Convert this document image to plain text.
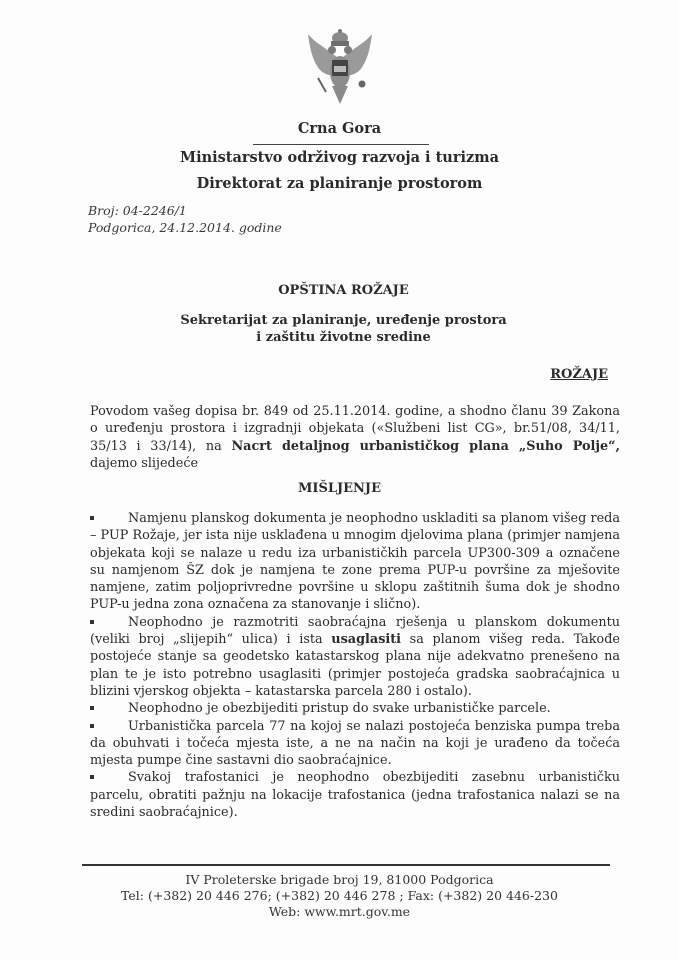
Crna Gora
Ministarstvo održivog razvoja i turizma
Direktorat za planiranje prostorom
Broj: 04-2246/1
Podgorica, 24.12.2014. godine
OPŠTINA ROŽAJE
Sekretarijat za planiranje, uređenje prostora
i zaštitu životne sredine
ROŽAJE
Povodom vašeg dopisa br. 849 od 25.11.2014. godine, a shodno članu 39 Zakona o uređenju prostora i izgradnji objekata («Službeni list CG», br.51/08, 34/11, 35/13 i 33/14), na Nacrt detaljnog urbanističkog plana „Suho Polje“, dajemo slijedeće
MIŠLJENJE
Namjenu planskog dokumenta je neophodno uskladiti sa planom višeg reda – PUP Rožaje, jer ista nije usklađena u mnogim djelovima plana (primjer namjena objekata koji se nalaze u redu iza urbanističkih parcela UP300-309 a označene su namjenom ŠZ dok je namjena te zone prema PUP-u površine za mješovite namjene, zatim poljoprivredne površine u sklopu zaštitnih šuma dok je shodno PUP-u jedna zona označena za stanovanje i slično).
Neophodno je razmotriti saobraćajna rješenja u planskom dokumentu (veliki broj „slijepih“ ulica) i ista usaglasiti sa planom višeg reda. Takođe postojeće stanje sa geodetsko katastarskog plana nije adekvatno prenešeno na plan te je isto potrebno usaglasiti (primjer postojeća gradska saobraćajnica u blizini vjerskog objekta – katastarska parcela 280 i ostalo).
Neophodno je obezbijediti pristup do svake urbanističke parcele.
Urbanistička parcela 77 na kojoj se nalazi postojeća benziska pumpa treba da obuhvati i točeća mjesta iste, a ne na način na koji je urađeno da točeća mjesta pumpe čine sastavni dio saobraćajnice.
Svakoj trafostanici je neophodno obezbijediti zasebnu urbanističku parcelu, obratiti pažnju na lokacije trafostanica (jedna trafostanica nalazi se na sredini saobraćajnice).
IV Proleterske brigade broj 19, 81000 Podgorica
Tel: (+382) 20 446 276; (+382) 20 446 278 ; Fax: (+382) 20 446-230
Web: www.mrt.gov.me
